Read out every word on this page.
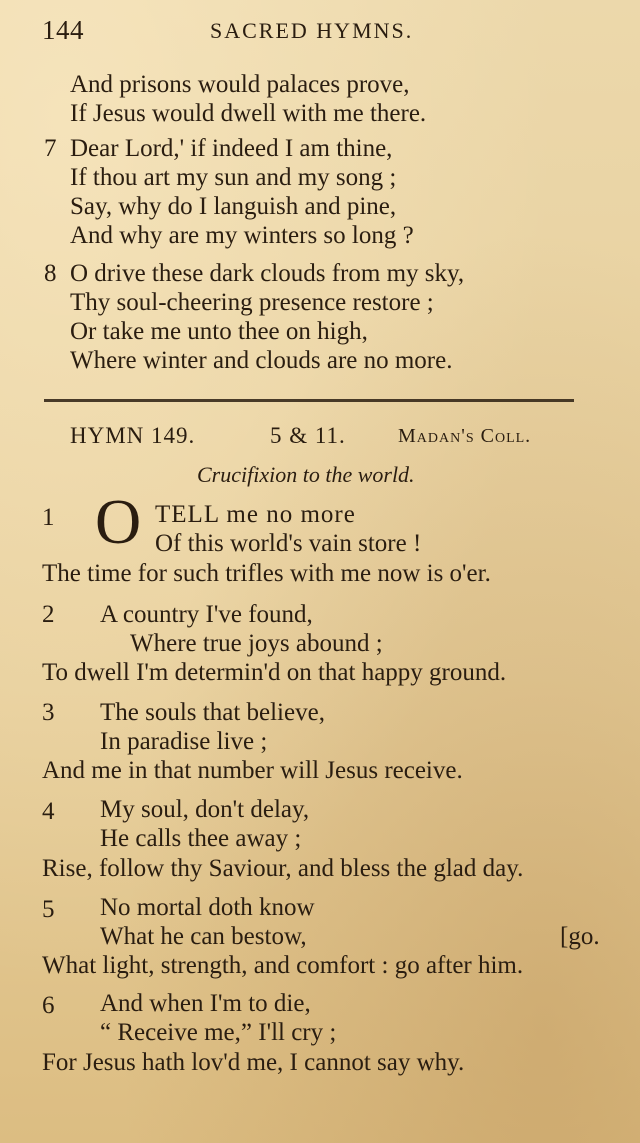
144	SACRED HYMNS.
And prisons would palaces prove,
If Jesus would dwell with me there.
7 Dear Lord,' if indeed I am thine,
If thou art my sun and my song ;
Say, why do I languish and pine,
And why are my winters so long ?
8 O drive these dark clouds from my sky,
Thy soul-cheering presence restore ;
Or take me unto thee on high,
Where winter and clouds are no more.
HYMN 149.	5 & 11.	Madan's Coll.
Crucifixion to the world.
1 O TELL me no more
Of this world's vain store !
The time for such trifles with me now is o'er.
2 A country I've found,
Where true joys abound ;
To dwell I'm determin'd on that happy ground.
3 The souls that believe,
In paradise live ;
And me in that number will Jesus receive.
4 My soul, don't delay,
He calls thee away ;
Rise, follow thy Saviour, and bless the glad day.
5 No mortal doth know
What he can bestow,	[go.
What light, strength, and comfort : go after him.
6 And when I'm to die,
“ Receive me,” I'll cry ;
For Jesus hath lov'd me, I cannot say why.
